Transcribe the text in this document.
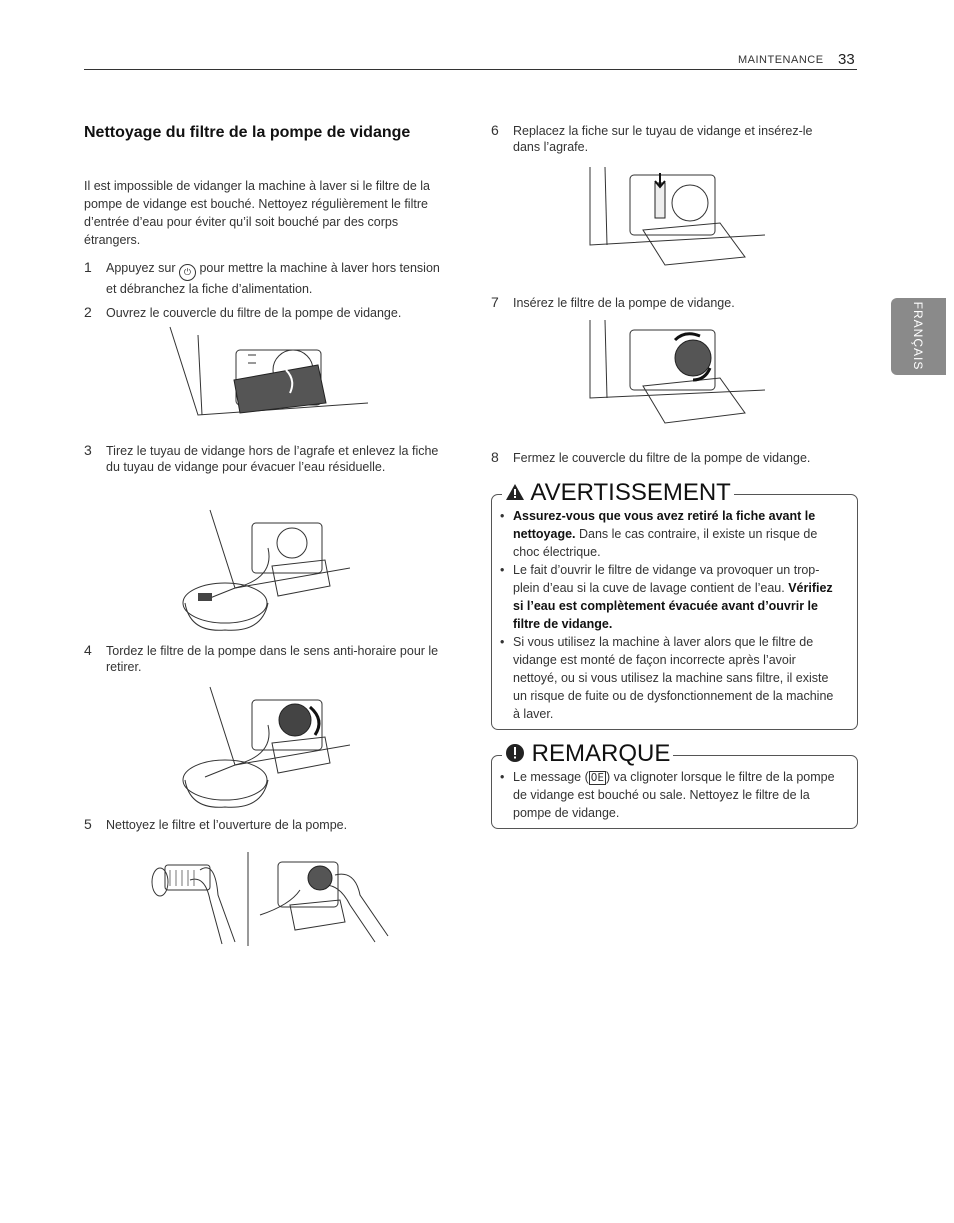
MAINTENANCE 33
FRANÇAIS
Nettoyage du filtre de la pompe de vidange
Il est impossible de vidanger la machine à laver si le filtre de la pompe de vidange est bouché. Nettoyez régulièrement le filtre d’entrée d’eau pour éviter qu’il soit bouché par des corps étrangers.
1 Appuyez sur ⏻ pour mettre la machine à laver hors tension et débranchez la fiche d’alimentation.
2 Ouvrez le couvercle du filtre de la pompe de vidange.
3 Tirez le tuyau de vidange hors de l’agrafe et enlevez la fiche du tuyau de vidange pour évacuer l’eau résiduelle.
4 Tordez le filtre de la pompe dans le sens anti-horaire pour le retirer.
5 Nettoyez le filtre et l’ouverture de la pompe.
6 Replacez la fiche sur le tuyau de vidange et insérez-le dans l’agrafe.
7 Insérez le filtre de la pompe de vidange.
8 Fermez le couvercle du filtre de la pompe de vidange.
AVERTISSEMENT
• Assurez-vous que vous avez retiré la fiche avant le nettoyage. Dans le cas contraire, il existe un risque de choc électrique.
• Le fait d’ouvrir le filtre de vidange va provoquer un trop-plein d’eau si la cuve de lavage contient de l’eau. Vérifiez si l’eau est complètement évacuée avant d’ouvrir le filtre de vidange.
• Si vous utilisez la machine à laver alors que le filtre de vidange est monté de façon incorrecte après l’avoir nettoyé, ou si vous utilisez la machine sans filtre, il existe un risque de fuite ou de dysfonctionnement de la machine à laver.
REMARQUE
• Le message ( OE ) va clignoter lorsque le filtre de la pompe de vidange est bouché ou sale. Nettoyez le filtre de la pompe de vidange.
